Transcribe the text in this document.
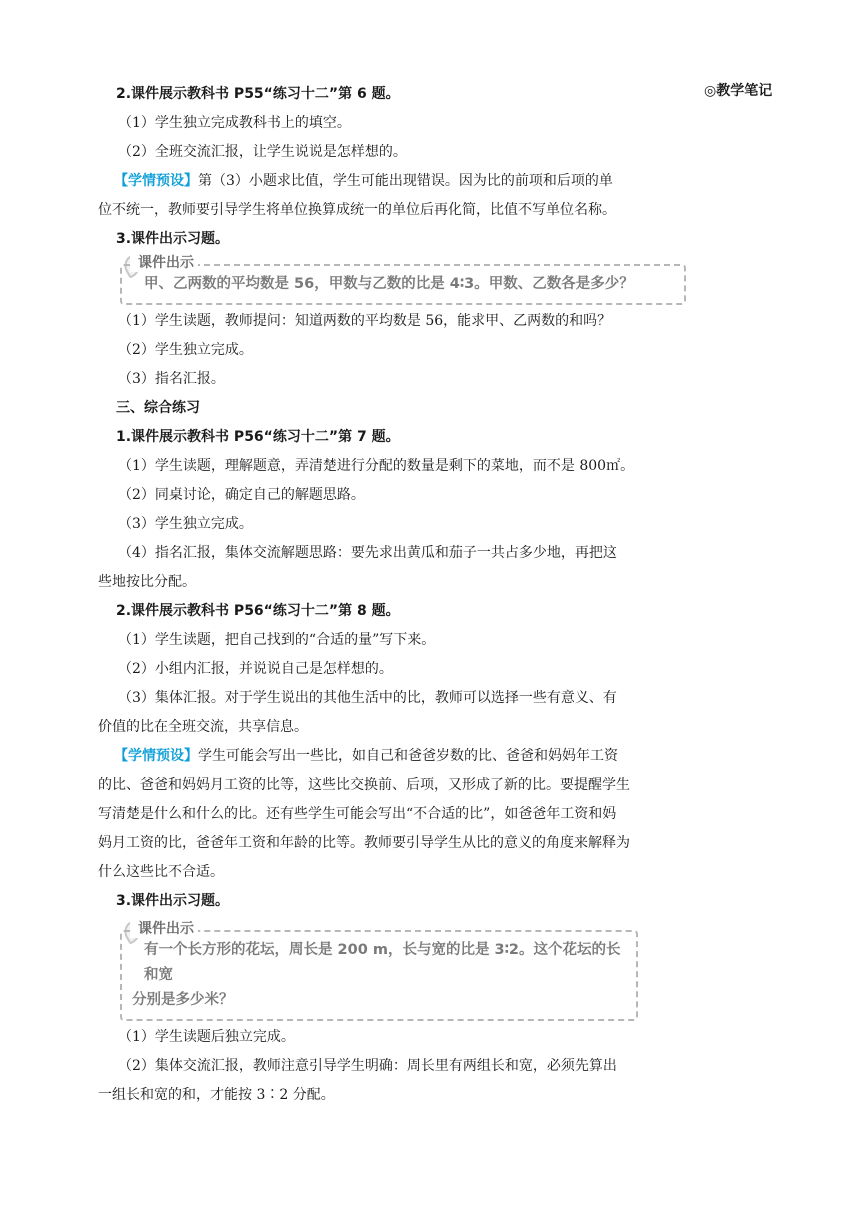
◎教学笔记
2.课件展示教科书 P55“练习十二”第 6 题。
（1）学生独立完成教科书上的填空。
（2）全班交流汇报，让学生说说是怎样想的。
【学情预设】第（3）小题求比值，学生可能出现错误。因为比的前项和后项的单
位不统一，教师要引导学生将单位换算成统一的单位后再化简，比值不写单位名称。
3.课件出示习题。
课件出示
甲、乙两数的平均数是 56，甲数与乙数的比是 4∶3。甲数、乙数各是多少？
（1）学生读题，教师提问：知道两数的平均数是 56，能求甲、乙两数的和吗？
（2）学生独立完成。
（3）指名汇报。
三、综合练习
1.课件展示教科书 P56“练习十二”第 7 题。
（1）学生读题，理解题意，弄清楚进行分配的数量是剩下的菜地，而不是 800㎡。
（2）同桌讨论，确定自己的解题思路。
（3）学生独立完成。
（4）指名汇报，集体交流解题思路：要先求出黄瓜和茄子一共占多少地，再把这
些地按比分配。
2.课件展示教科书 P56“练习十二”第 8 题。
（1）学生读题，把自己找到的“合适的量”写下来。
（2）小组内汇报，并说说自己是怎样想的。
（3）集体汇报。对于学生说出的其他生活中的比，教师可以选择一些有意义、有
价值的比在全班交流，共享信息。
【学情预设】学生可能会写出一些比，如自己和爸爸岁数的比、爸爸和妈妈年工资
的比、爸爸和妈妈月工资的比等，这些比交换前、后项，又形成了新的比。要提醒学生
写清楚是什么和什么的比。还有些学生可能会写出“不合适的比”，如爸爸年工资和妈
妈月工资的比，爸爸年工资和年龄的比等。教师要引导学生从比的意义的角度来解释为
什么这些比不合适。
3.课件出示习题。
课件出示
有一个长方形的花坛，周长是 200 m，长与宽的比是 3∶2。这个花坛的长和宽
分别是多少米？
（1）学生读题后独立完成。
（2）集体交流汇报，教师注意引导学生明确：周长里有两组长和宽，必须先算出
一组长和宽的和，才能按 3∶2 分配。
